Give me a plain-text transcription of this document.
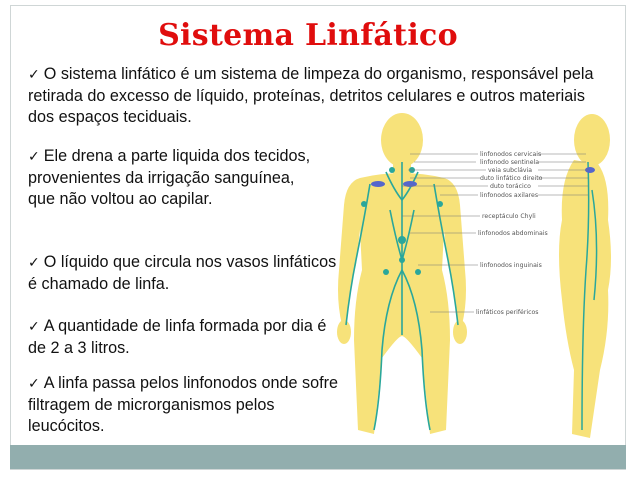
Sistema Linfático
✓ O sistema linfático é um sistema de limpeza do organismo, responsável pela retirada do excesso de líquido, proteínas, detritos celulares e outros materiais dos espaços teciduais.
✓ Ele drena a parte liquida dos tecidos, provenientes da irrigação sanguínea, que não voltou ao capilar.
✓ O líquido que circula nos vasos linfáticos é chamado de linfa.
✓ A quantidade de linfa formada por dia é de 2 a 3 litros.
✓ A linfa passa pelos linfonodos onde sofre filtragem de microrganismos pelos leucócitos.
linfonodos cervicais
linfonodo sentinela
veia subclávia
duto linfático direito
duto torácico
linfonodos axilares
receptáculo Chyli
linfonodos abdominais
linfonodos inguinais
linfáticos periféricos
